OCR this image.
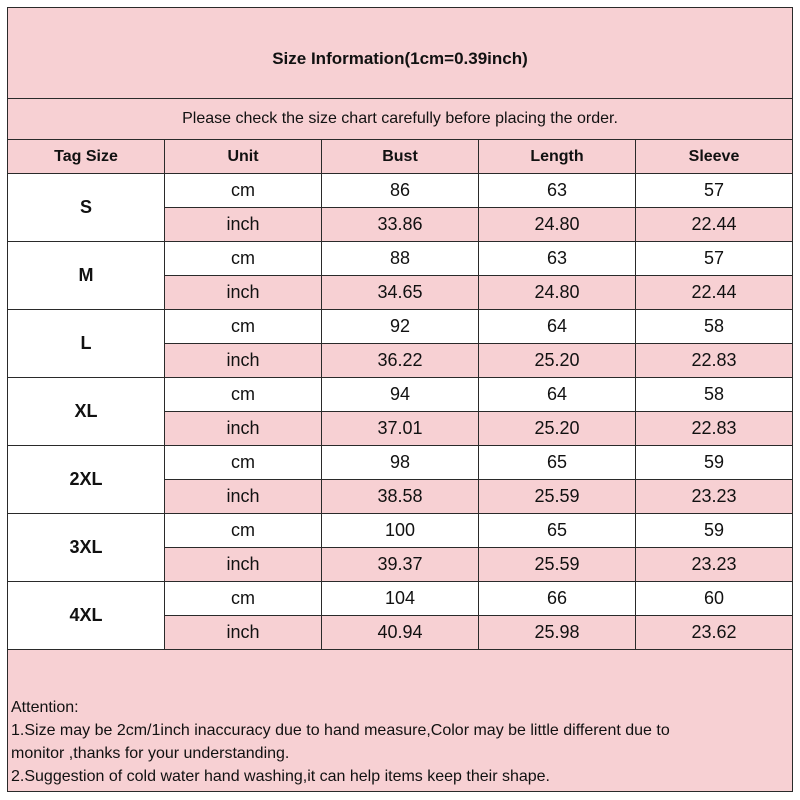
Size Information(1cm=0.39inch)				
Please check the size chart carefully before placing the order.				
Tag Size	Unit	Bust	Length	Sleeve
S	cm	86	63	57
	inch	33.86	24.80	22.44
M	cm	88	63	57
	inch	34.65	24.80	22.44
L	cm	92	64	58
	inch	36.22	25.20	22.83
XL	cm	94	64	58
	inch	37.01	25.20	22.83
2XL	cm	98	65	59
	inch	38.58	25.59	23.23
3XL	cm	100	65	59
	inch	39.37	25.59	23.23
4XL	cm	104	66	60
	inch	40.94	25.98	23.62

Attention:
1.Size may be 2cm/1inch inaccuracy due to hand measure,Color may be little different due to
monitor ,thanks for your understanding.
2.Suggestion of cold water hand washing,it can help items keep their shape.				
